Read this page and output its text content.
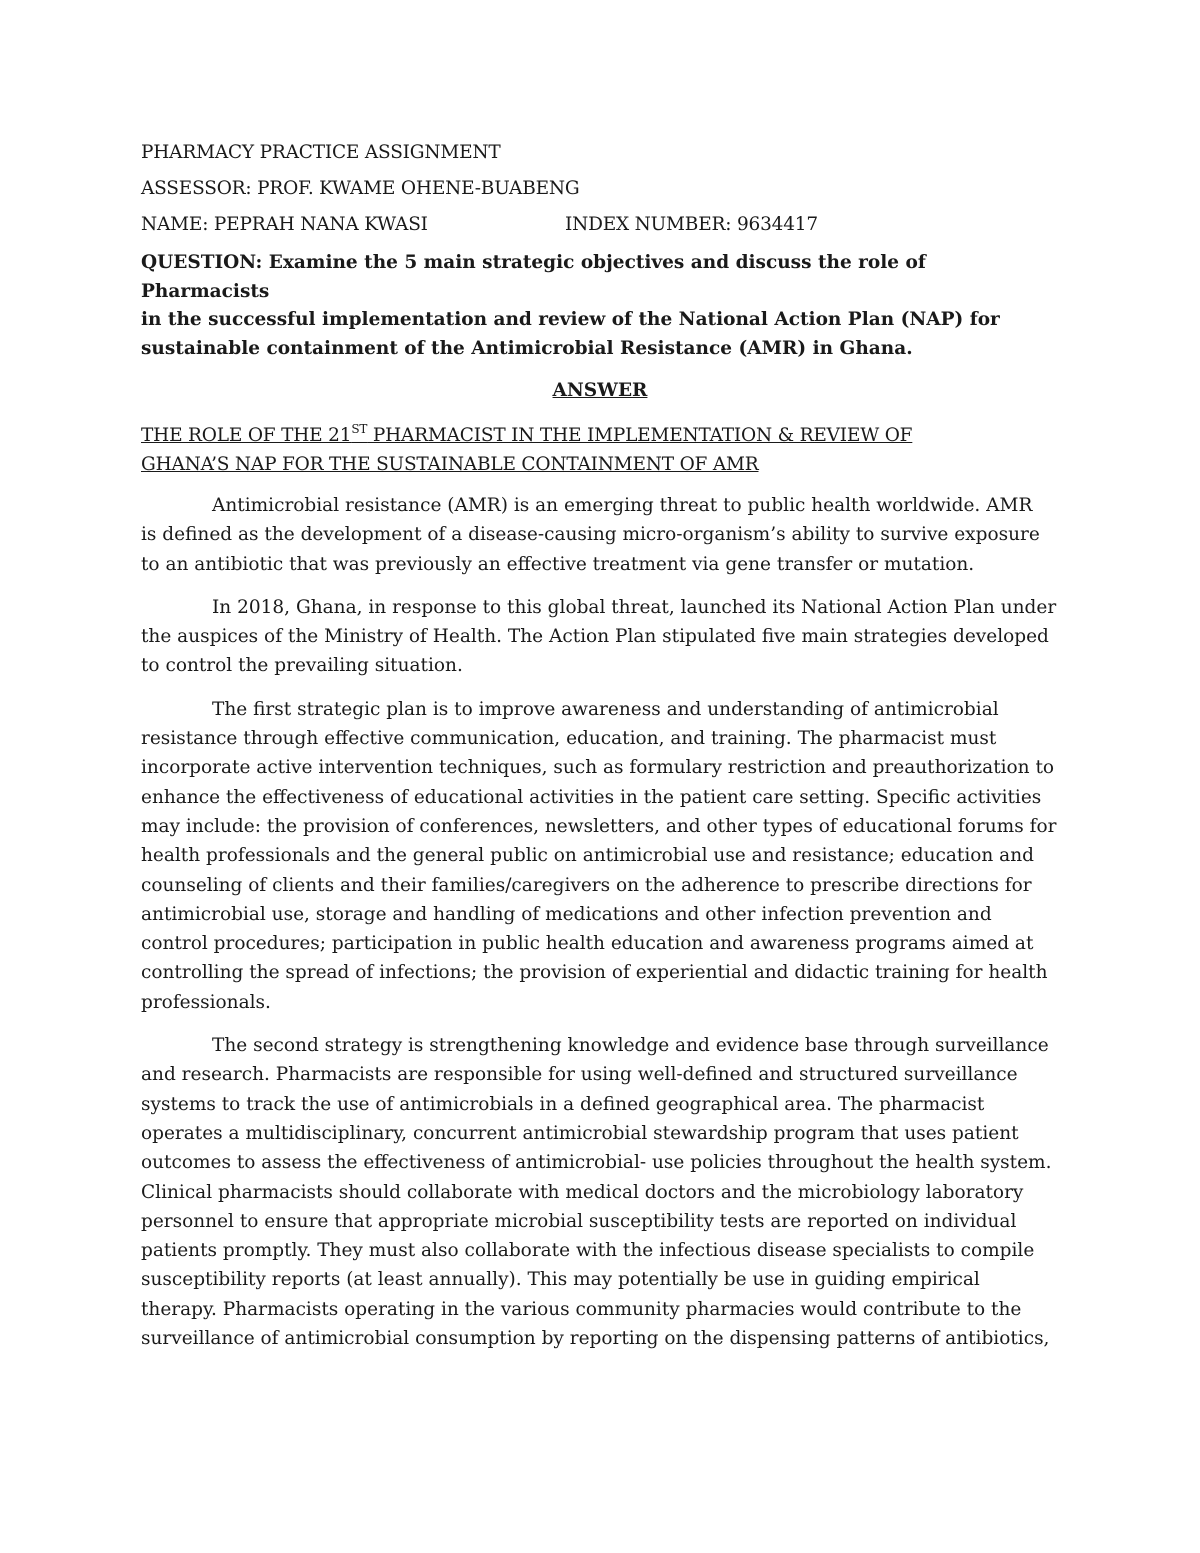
PHARMACY PRACTICE ASSIGNMENT

ASSESSOR: PROF. KWAME OHENE-BUABENG

NAME: PEPRAH NANA KWASI	INDEX NUMBER: 9634417
QUESTION: Examine the 5 main strategic objectives and discuss the role of Pharmacists
in the successful implementation and review of the National Action Plan (NAP) for
sustainable containment of the Antimicrobial Resistance (AMR) in Ghana.
ANSWER
THE ROLE OF THE 21ST PHARMACIST IN THE IMPLEMENTATION & REVIEW OF
GHANA’S NAP FOR THE SUSTAINABLE CONTAINMENT OF AMR
Antimicrobial resistance (AMR) is an emerging threat to public health worldwide. AMR
is defined as the development of a disease-causing micro-organism’s ability to survive exposure
to an antibiotic that was previously an effective treatment via gene transfer or mutation.
In 2018, Ghana, in response to this global threat, launched its National Action Plan under
the auspices of the Ministry of Health. The Action Plan stipulated five main strategies developed
to control the prevailing situation.
The first strategic plan is to improve awareness and understanding of antimicrobial
resistance through effective communication, education, and training. The pharmacist must
incorporate active intervention techniques, such as formulary restriction and preauthorization to
enhance the effectiveness of educational activities in the patient care setting. Specific activities
may include: the provision of conferences, newsletters, and other types of educational forums for
health professionals and the general public on antimicrobial use and resistance; education and
counseling of clients and their families/caregivers on the adherence to prescribe directions for
antimicrobial use, storage and handling of medications and other infection prevention and
control procedures; participation in public health education and awareness programs aimed at
controlling the spread of infections; the provision of experiential and didactic training for health
professionals.
The second strategy is strengthening knowledge and evidence base through surveillance
and research. Pharmacists are responsible for using well-defined and structured surveillance
systems to track the use of antimicrobials in a defined geographical area. The pharmacist
operates a multidisciplinary, concurrent antimicrobial stewardship program that uses patient
outcomes to assess the effectiveness of antimicrobial- use policies throughout the health system.
Clinical pharmacists should collaborate with medical doctors and the microbiology laboratory
personnel to ensure that appropriate microbial susceptibility tests are reported on individual
patients promptly. They must also collaborate with the infectious disease specialists to compile
susceptibility reports (at least annually). This may potentially be use in guiding empirical
therapy. Pharmacists operating in the various community pharmacies would contribute to the
surveillance of antimicrobial consumption by reporting on the dispensing patterns of antibiotics,
